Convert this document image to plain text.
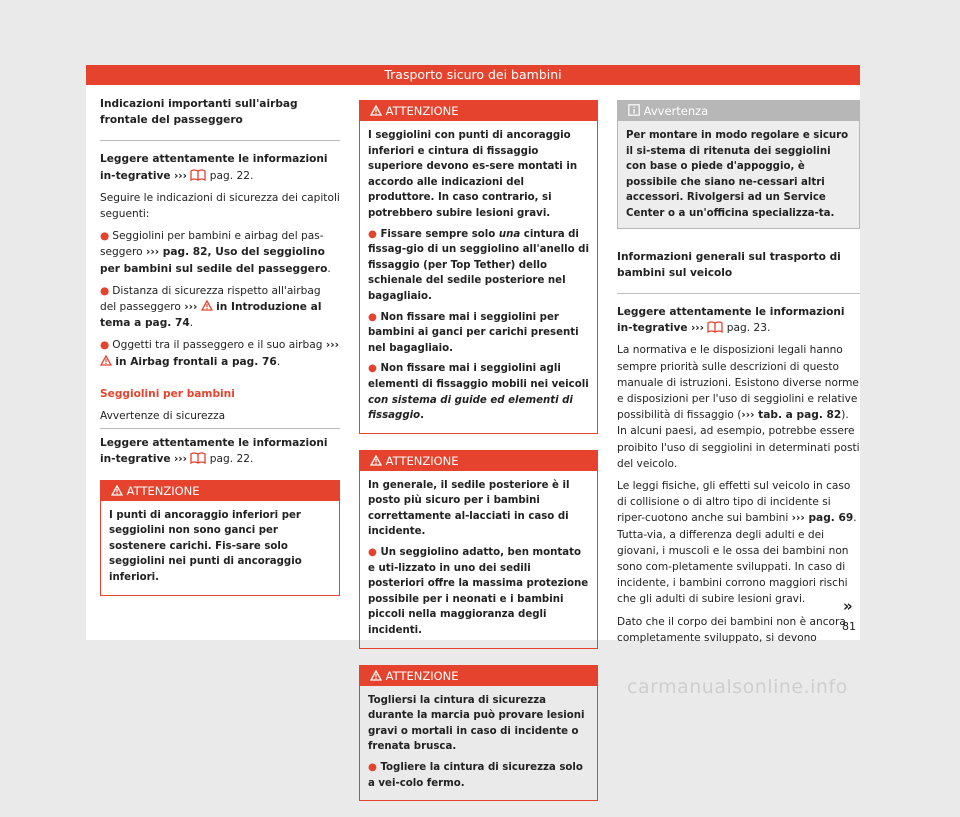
Trasporto sicuro dei bambini

Indicazioni importanti sull'airbag frontale del passeggero

Leggere attentamente le informazioni in-tegrative ››› pag. 22.

Seguire le indicazioni di sicurezza dei capitoli seguenti:

● Seggiolini per bambini e airbag del pas-seggero ››› pag. 82, Uso del seggiolino per bambini sul sedile del passeggero.

● Distanza di sicurezza rispetto all'airbag del passeggero ››› in Introduzione al tema a pag. 74.

● Oggetti tra il passeggero e il suo airbag ›››  in Airbag frontali a pag. 76.

Seggiolini per bambini

Avvertenze di sicurezza

Leggere attentamente le informazioni in-tegrative ››› pag. 22.

ATTENZIONE

I punti di ancoraggio inferiori per seggiolini non sono ganci per sostenere carichi. Fis-sare solo seggiolini nei punti di ancoraggio inferiori.

ATTENZIONE

I seggiolini con punti di ancoraggio inferiori e cintura di fissaggio superiore devono es-sere montati in accordo alle indicazioni del produttore. In caso contrario, si potrebbero subire lesioni gravi.

● Fissare sempre solo una cintura di fissag-gio di un seggiolino all'anello di fissaggio (per Top Tether) dello schienale del sedile posteriore nel bagagliaio.

● Non fissare mai i seggiolini per bambini ai ganci per carichi presenti nel bagagliaio.

● Non fissare mai i seggiolini agli elementi di fissaggio mobili nei veicoli con sistema di guide ed elementi di fissaggio.

ATTENZIONE

In generale, il sedile posteriore è il posto più sicuro per i bambini correttamente al-lacciati in caso di incidente.

● Un seggiolino adatto, ben montato e uti-lizzato in uno dei sedili posteriori offre la massima protezione possibile per i neonati e i bambini piccoli nella maggioranza degli incidenti.

ATTENZIONE

Togliersi la cintura di sicurezza durante la marcia può provare lesioni gravi o mortali in caso di incidente o frenata brusca.

● Togliere la cintura di sicurezza solo a vei-colo fermo.

Avvertenza

Per montare in modo regolare e sicuro il si-stema di ritenuta dei seggiolini con base o piede d'appoggio, è possibile che siano ne-cessari altri accessori. Rivolgersi ad un Service Center o a un'officina specializza-ta.

Informazioni generali sul trasporto di bambini sul veicolo

Leggere attentamente le informazioni in-tegrative ››› pag. 23.

La normativa e le disposizioni legali hanno sempre priorità sulle descrizioni di questo manuale di istruzioni. Esistono diverse norme e disposizioni per l'uso di seggiolini e relative possibilità di fissaggio (››› tab. a pag. 82). In alcuni paesi, ad esempio, potrebbe essere proibito l'uso di seggiolini in determinati posti del veicolo.

Le leggi fisiche, gli effetti sul veicolo in caso di collisione o di altro tipo di incidente si riper-cuotono anche sui bambini ››› pag. 69. Tutta-via, a differenza degli adulti e dei giovani, i muscoli e le ossa dei bambini non sono com-pletamente sviluppati. In caso di incidente, i bambini corrono maggiori rischi che gli adulti di subire lesioni gravi.

Dato che il corpo dei bambini non è ancora completamente sviluppato, si devono

»
81
carmanualsonline.info
